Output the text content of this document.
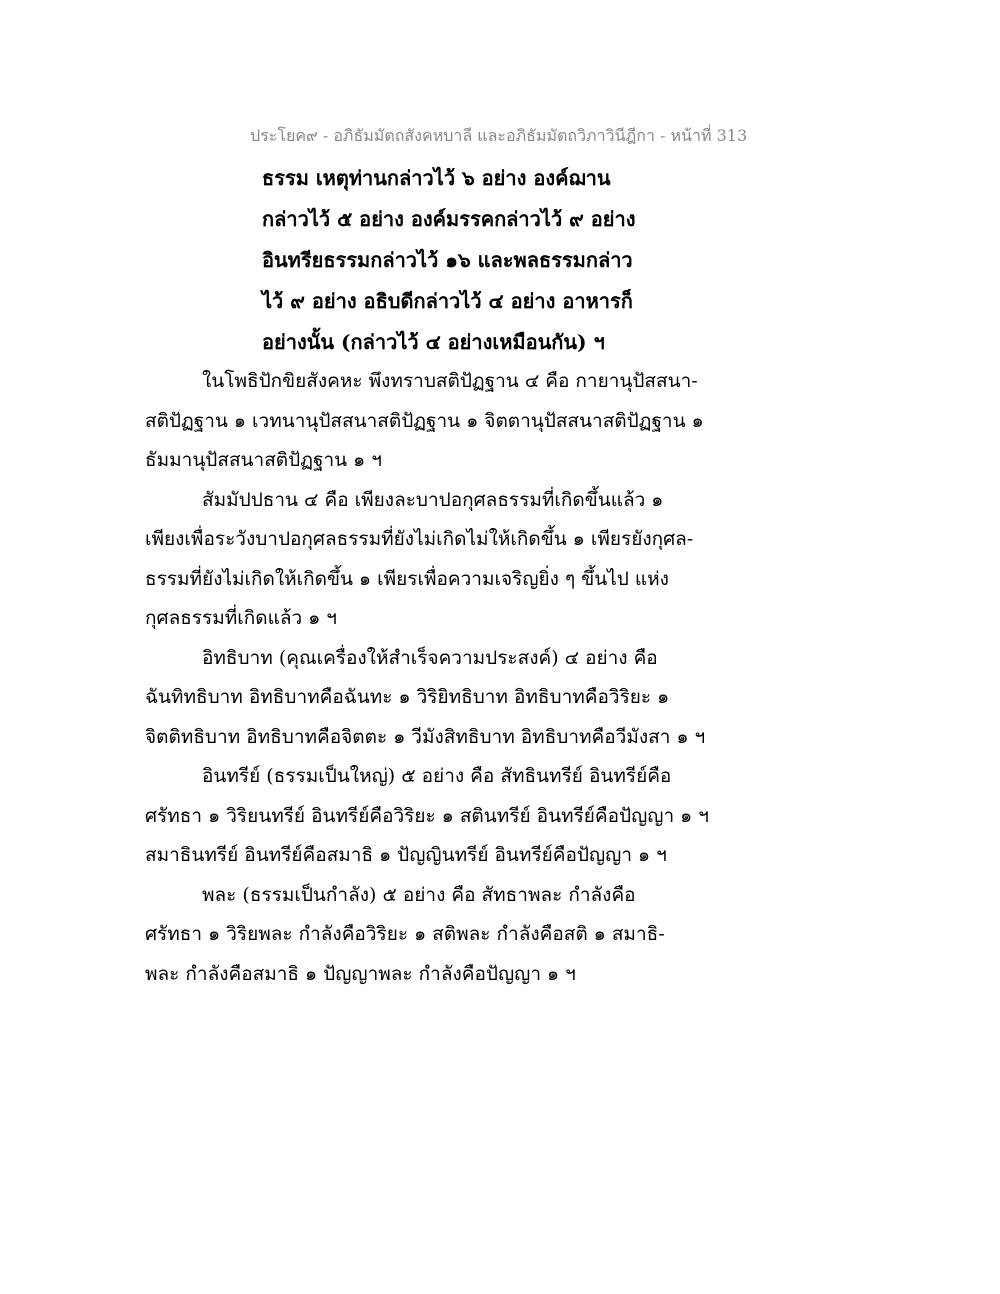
ประโยค๙ - อภิธัมมัตถสังคหบาลี และอภิธัมมัตถวิภาวินีฎีกา - หน้าที่ 313
ธรรม เหตุท่านกล่าวไว้ ๖ อย่าง องค์ฌาน
กล่าวไว้ ๕ อย่าง องค์มรรคกล่าวไว้ ๙ อย่าง
อินทรียธรรมกล่าวไว้ ๑๖ และพลธรรมกล่าว
ไว้ ๙ อย่าง อธิบดีกล่าวไว้ ๔ อย่าง อาหารก็
อย่างนั้น (กล่าวไว้ ๔ อย่างเหมือนกัน) ฯ
ในโพธิปักขิยสังคหะ พึงทราบสติปัฏฐาน ๔ คือ กายานุปัสสนา-
สติปัฏฐาน ๑ เวทนานุปัสสนาสติปัฏฐาน ๑ จิตตานุปัสสนาสติปัฏฐาน ๑
ธัมมานุปัสสนาสติปัฏฐาน ๑ ฯ
สัมมัปปธาน ๔ คือ เพียงละบาปอกุศลธรรมที่เกิดขึ้นแล้ว ๑
เพียงเพื่อระวังบาปอกุศลธรรมที่ยังไม่เกิดไม่ให้เกิดขึ้น ๑ เพียรยังกุศล-
ธรรมที่ยังไม่เกิดให้เกิดขึ้น ๑ เพียรเพื่อความเจริญยิ่ง ๆ ขึ้นไป แห่ง
กุศลธรรมที่เกิดแล้ว ๑ ฯ
อิทธิบาท (คุณเครื่องให้สำเร็จความประสงค์) ๔ อย่าง คือ
ฉันทิทธิบาท อิทธิบาทคือฉันทะ ๑ วิริยิทธิบาท อิทธิบาทคือวิริยะ ๑
จิตติทธิบาท อิทธิบาทคือจิตตะ ๑ วีมังสิทธิบาท อิทธิบาทคือวีมังสา ๑ ฯ
อินทรีย์ (ธรรมเป็นใหญ่) ๕ อย่าง คือ สัทธินทรีย์ อินทรีย์คือ
ศรัทธา ๑ วิริยนทรีย์ อินทรีย์คือวิริยะ ๑ สตินทรีย์ อินทรีย์คือปัญญา ๑ ฯ
สมาธินทรีย์ อินทรีย์คือสมาธิ ๑ ปัญญินทรีย์ อินทรีย์คือปัญญา ๑ ฯ
พละ (ธรรมเป็นกำลัง) ๕ อย่าง คือ สัทธาพละ กำลังคือ
ศรัทธา ๑ วิริยพละ กำลังคือวิริยะ ๑ สติพละ กำลังคือสติ ๑ สมาธิ-
พละ กำลังคือสมาธิ ๑ ปัญญาพละ กำลังคือปัญญา ๑ ฯ
